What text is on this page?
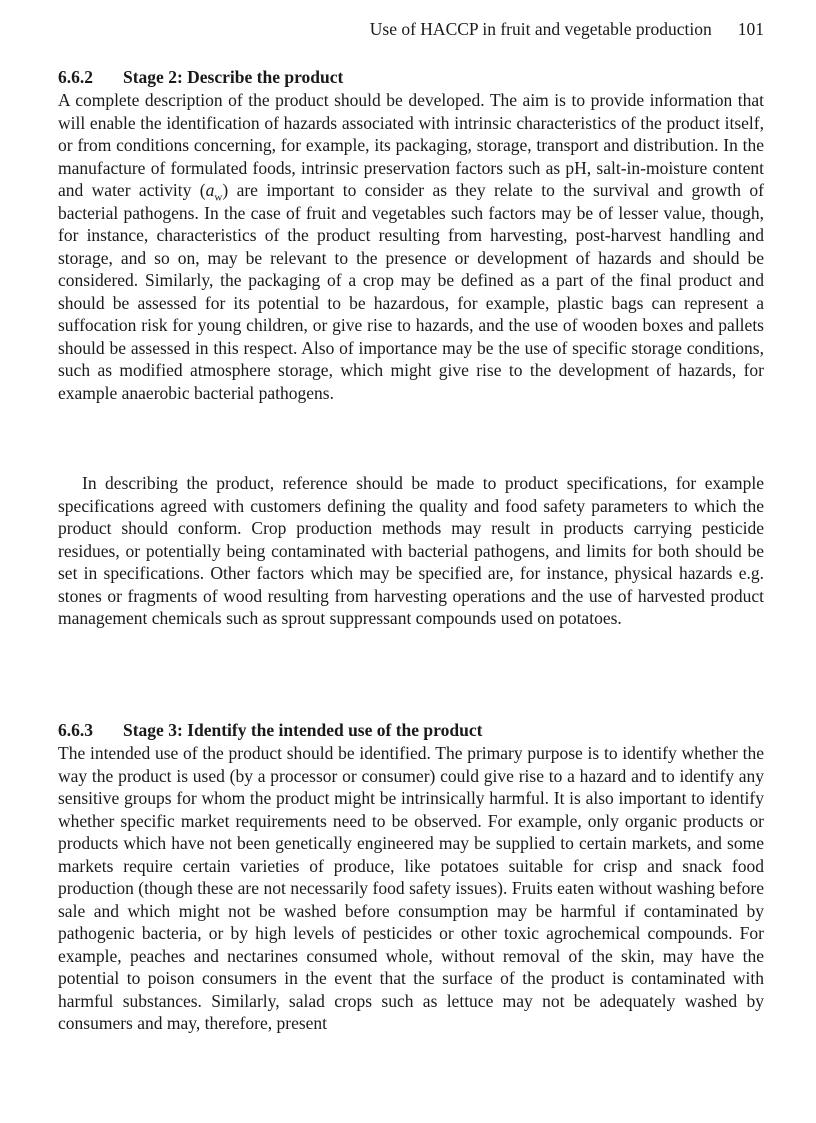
Use of HACCP in fruit and vegetable production 101
6.6.2 Stage 2: Describe the product

A complete description of the product should be developed. The aim is to provide information that will enable the identification of hazards associated with intrinsic characteristics of the product itself, or from conditions concerning, for example, its packaging, storage, transport and distribution. In the manufacture of formulated foods, intrinsic preservation factors such as pH, salt-in-moisture content and water activity $(a_w)$ are important to consider as they relate to the survival and growth of bacterial pathogens. In the case of fruit and vegetables such factors may be of lesser value, though, for instance, characteristics of the product resulting from harvesting, post-harvest handling and storage, and so on, may be relevant to the presence or development of hazards and should be considered. Similarly, the packaging of a crop may be defined as a part of the final product and should be assessed for its potential to be hazardous, for example, plastic bags can represent a suffocation risk for young children, or give rise to hazards, and the use of wooden boxes and pallets should be assessed in this respect. Also of importance may be the use of specific storage conditions, such as modified atmosphere storage, which might give rise to the development of hazards, for example anaerobic bacterial pathogens.

In describing the product, reference should be made to product specifications, for example specifications agreed with customers defining the quality and food safety parameters to which the product should conform. Crop production methods may result in products carrying pesticide residues, or potentially being contaminated with bacterial pathogens, and limits for both should be set in specifications. Other factors which may be specified are, for instance, physical hazards e.g. stones or fragments of wood resulting from harvesting operations and the use of harvested product management chemicals such as sprout suppressant compounds used on potatoes.

6.6.3 Stage 3: Identify the intended use of the product

The intended use of the product should be identified. The primary purpose is to identify whether the way the product is used (by a processor or consumer) could give rise to a hazard and to identify any sensitive groups for whom the product might be intrinsically harmful. It is also important to identify whether specific market requirements need to be observed. For example, only organic products or products which have not been genetically engineered may be supplied to certain markets, and some markets require certain varieties of produce, like potatoes suitable for crisp and snack food production (though these are not necessarily food safety issues). Fruits eaten without washing before sale and which might not be washed before consumption may be harmful if contaminated by pathogenic bacteria, or by high levels of pesticides or other toxic agrochemical compounds. For example, peaches and nectarines consumed whole, without removal of the skin, may have the potential to poison consumers in the event that the surface of the product is contaminated with harmful substances. Similarly, salad crops such as lettuce may not be adequately washed by consumers and may, therefore, present
